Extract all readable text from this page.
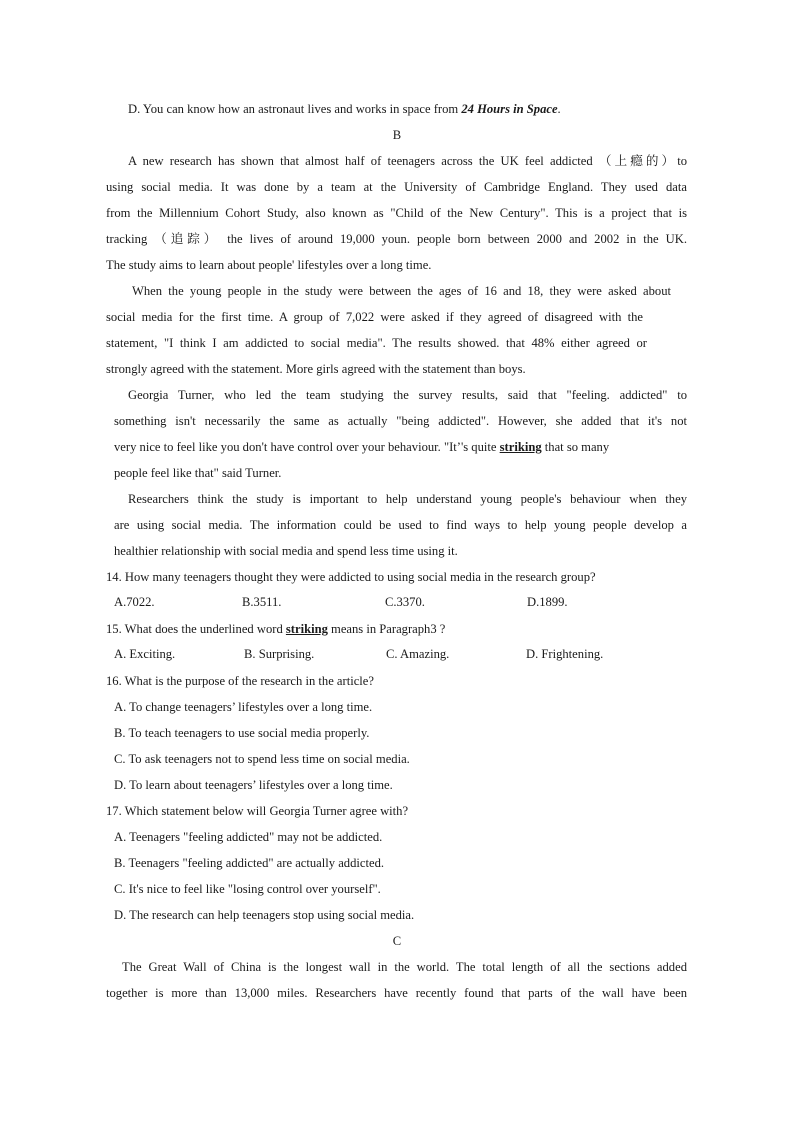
D. You can know how an astronaut lives and works in space from 24 Hours in Space.
B
A new research has shown that almost half of teenagers across the UK feel addicted （上瘾的）to
using social media. It was done by a team at the University of Cambridge England. They used data
from the Millennium Cohort Study, also known as "Child of the New Century". This is a project that is
tracking （追踪） the lives of around 19,000 youn. people born between 2000 and 2002 in the UK.
The study aims to learn about people' lifestyles over a long time.
When the young people in the study were between the ages of 16 and 18, they were asked about
social media for the first time. A group of 7,022 were asked if they agreed of disagreed with the
statement, "I think I am addicted to social media". The results showed. that 48% either agreed or
strongly agreed with the statement. More girls agreed with the statement than boys.
Georgia Turner, who led the team studying the survey results, said that "feeling. addicted" to
something isn't necessarily the same as actually "being addicted". However, she added that it's not
very nice to feel like you don't have control over your behaviour. "It’'s quite striking that so many
people feel like that" said Turner.
Researchers think the study is important to help understand young people's behaviour when they
are using social media. The information could be used to find ways to help young people develop a
healthier relationship with social media and spend less time using it.
14. How many teenagers thought they were addicted to using social media in the research group?
A.7022.	B.3511.	C.3370.	D.1899.
15. What does the underlined word striking means in Paragraph3 ?
A. Exciting.	B. Surprising.	C. Amazing.	D. Frightening.
16. What is the purpose of the research in the article?
A. To change teenagers’ lifestyles over a long time.
B. To teach teenagers to use social media properly.
C. To ask teenagers not to spend less time on social media.
D. To learn about teenagers’ lifestyles over a long time.
17. Which statement below will Georgia Turner agree with?
A. Teenagers "feeling addicted" may not be addicted.
B. Teenagers "feeling addicted" are actually addicted.
C. It's nice to feel like "losing control over yourself".
D. The research can help teenagers stop using social media.
C
The Great Wall of China is the longest wall in the world. The total length of all the sections added
together is more than 13,000 miles. Researchers have recently found that parts of the wall have been
